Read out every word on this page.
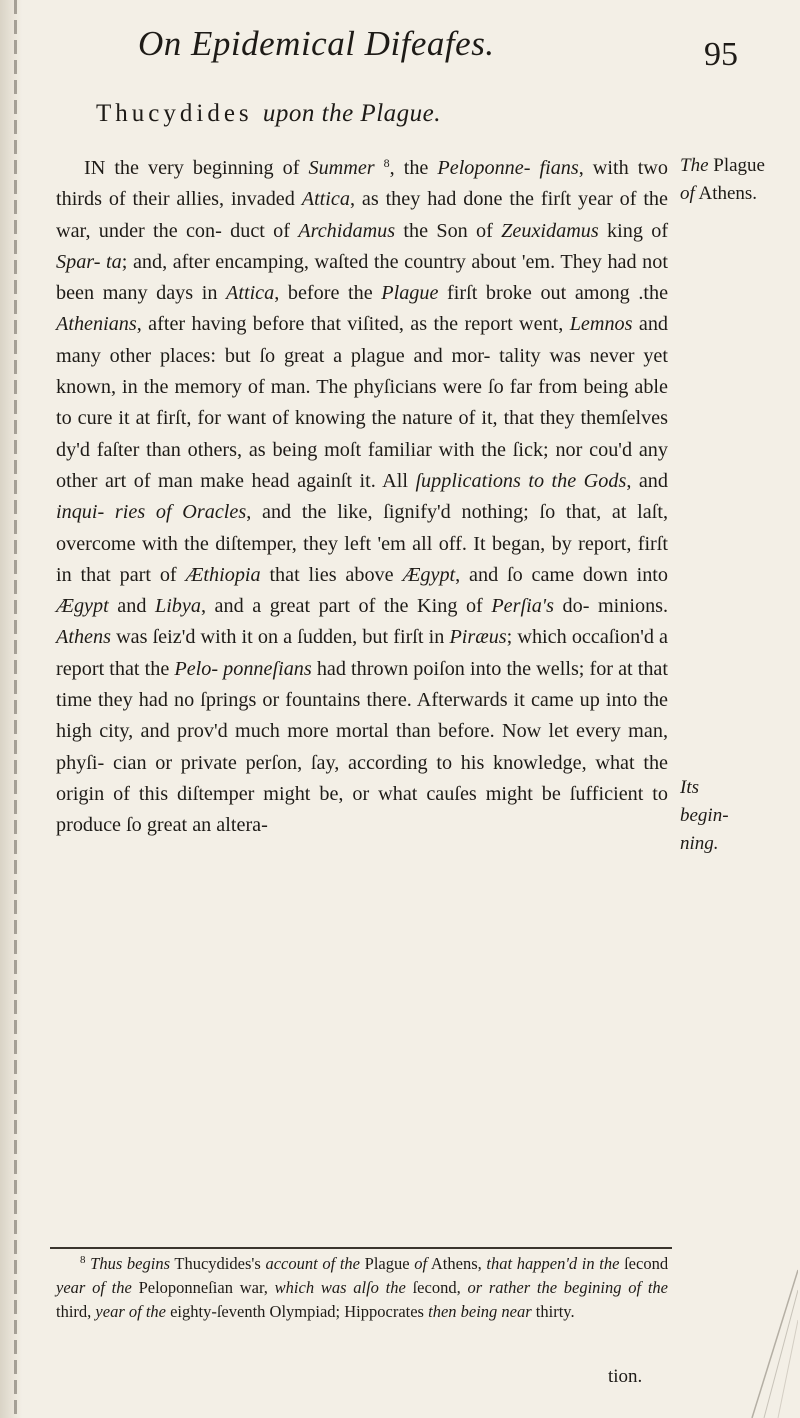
On Epidemical Difeafes.	95
Thucydides upon the Plague.
IN the very beginning of Summer $^8$, the Peloponne- fians, with two thirds of their allies, invaded Attica, as they had done the firſt year of the war, under the con- duct of Archidamus the Son of Zeuxidamus king of Spar- ta; and, after encamping, waſted the country about 'em. They had not been many days in Attica, before the Plague firſt broke out among .the Athenians, after having before that viſited, as the report went, Lemnos and many other places: but ſo great a plague and mor- tality was never yet known, in the memory of man. The phyſicians were ſo far from being able to cure it at firſt, for want of knowing the nature of it, that they themſelves dy'd faſter than others, as being moſt familiar with the ſick; nor cou'd any other art of man make head againſt it. All ſupplications to the Gods, and inqui- ries of Oracles, and the like, ſignify'd nothing; ſo that, at laſt, overcome with the diſtemper, they left 'em all off. It began, by report, firſt in that part of Æthiopia that lies above Ægypt, and ſo came down into Ægypt and Libya, and a great part of the King of Perſia's do- minions. Athens was ſeiz'd with it on a ſudden, but firſt in Piræus; which occaſion'd a report that the Pelo- ponneſians had thrown poiſon into the wells; for at that time they had no ſprings or fountains there. Afterwards it came up into the high city, and prov'd much more mortal than before. Now let every man, phyſi- cian or private perſon, ſay, according to his knowledge, what the origin of this diſtemper might be, or what cauſes might be ſufficient to produce ſo great an altera-
The Plague
of Athens.
Its begin- ning.
$^8$ Thus begins Thucydides's account of the Plague of Athens, that happen'd in the ſecond year of the Peloponneſian war, which was alſo the ſecond, or rather the begining of the third, year of the eighty-ſeventh Olympiad; Hippocrates then being near thirty.
tion.
